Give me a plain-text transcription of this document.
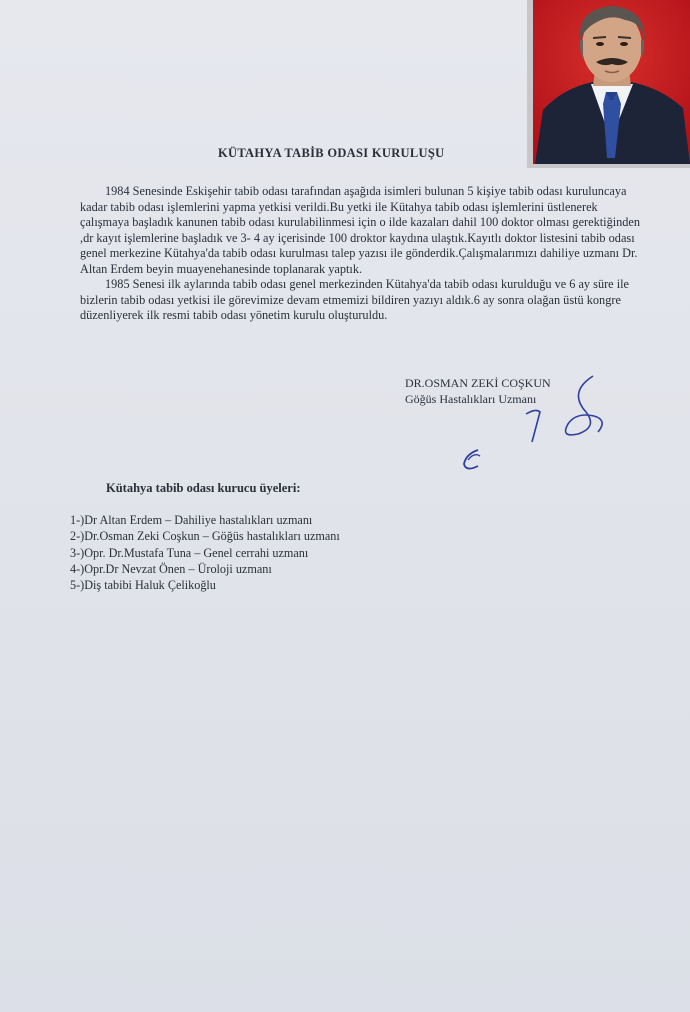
KÜTAHYA TABİB ODASI KURULUŞU

1984 Senesinde Eskişehir tabib odası tarafından aşağıda isimleri bulunan 5 kişiye tabib odası kuruluncaya kadar tabib odası işlemlerini yapma yetkisi verildi.Bu yetki ile Kütahya tabib odası işlemlerini üstlenerek çalışmaya başladık kanunen tabib odası kurulabilinmesi için o ilde kazaları dahil 100 doktor olması gerektiğinden ,dr kayıt işlemlerine başladık ve 3- 4 ay içerisinde 100 droktor kaydına ulaştık.Kayıtlı doktor listesini tabib odası genel merkezine Kütahya'da tabib odası kurulması talep yazısı ile gönderdik.Çalışmalarımızı dahiliye uzmanı Dr. Altan Erdem beyin muayenehanesinde toplanarak yaptık.

1985 Senesi ilk aylarında tabib odası genel merkezinden Kütahya'da tabib odası kurulduğu ve 6 ay süre ile bizlerin tabib odası yetkisi ile görevimize devam etmemizi bildiren yazıyı aldık.6 ay sonra olağan üstü kongre düzenliyerek ilk resmi tabib odası yönetim kurulu oluşturuldu.

DR.OSMAN ZEKİ COŞKUN
Göğüs Hastalıkları Uzmanı
Kütahya tabib odası kurucu üyeleri:
1-)Dr Altan Erdem – Dahiliye hastalıkları uzmanı
2-)Dr.Osman Zeki Coşkun – Göğüs hastalıkları uzmanı
3-)Opr. Dr.Mustafa Tuna – Genel cerrahi uzmanı
4-)Opr.Dr Nevzat Önen – Üroloji uzmanı
5-)Diş tabibi Haluk Çelikoğlu
